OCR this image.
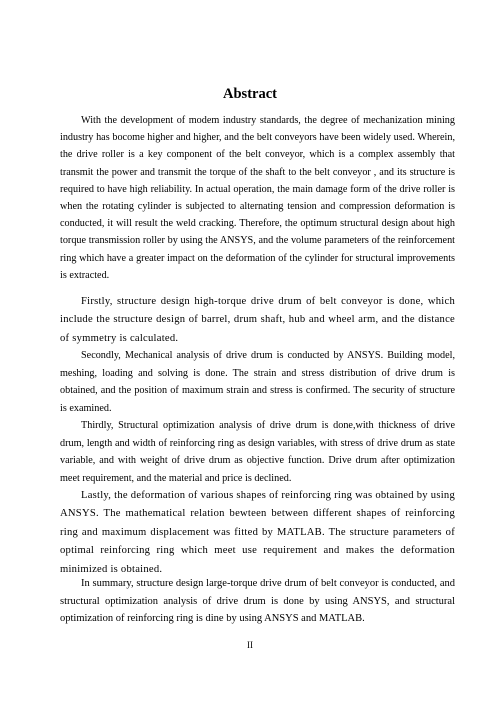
Abstract

With the development of modem industry standards, the degree of mechanization mining industry has bocome higher and higher, and the belt conveyors have been widely used. Wherein, the drive roller is a key component of the belt conveyor, which is a complex assembly that transmit the power and transmit the torque of the shaft to the belt conveyor , and its structure is required to have high reliability. In actual operation, the main damage form of the drive roller is when the rotating cylinder is subjected to alternating tension and compression deformation is conducted, it will result the weld cracking. Therefore, the optimum structural design about high torque transmission roller by using the ANSYS, and the volume parameters of the reinforcement ring which have a greater impact on the deformation of the cylinder for structural improvements is extracted.

Firstly, structure design high-torque drive drum of belt conveyor is done, which include the structure design of barrel, drum shaft, hub and wheel arm, and the distance of symmetry is calculated.

Secondly, Mechanical analysis of drive drum is conducted by ANSYS. Building model, meshing, loading and solving is done. The strain and stress distribution of drive drum is obtained, and the position of maximum strain and stress is confirmed. The security of structure is examined.

Thirdly, Structural optimization analysis of drive drum is done,with thickness of drive drum, length and width of reinforcing ring as design variables, with stress of drive drum as state variable, and with weight of drive drum as objective function. Drive drum after optimization meet requirement, and the material and price is declined.

Lastly, the deformation of various shapes of reinforcing ring was obtained by using ANSYS. The mathematical relation bewteen between different shapes of reinforcing ring and maximum displacement was fitted by MATLAB. The structure parameters of optimal reinforcing ring which meet use requirement and makes the deformation minimized is obtained.

In summary, structure design large-torque drive drum of belt conveyor is conducted, and structural optimization analysis of drive drum is done by using ANSYS, and structural optimization of reinforcing ring is dine by using ANSYS and MATLAB.

II
